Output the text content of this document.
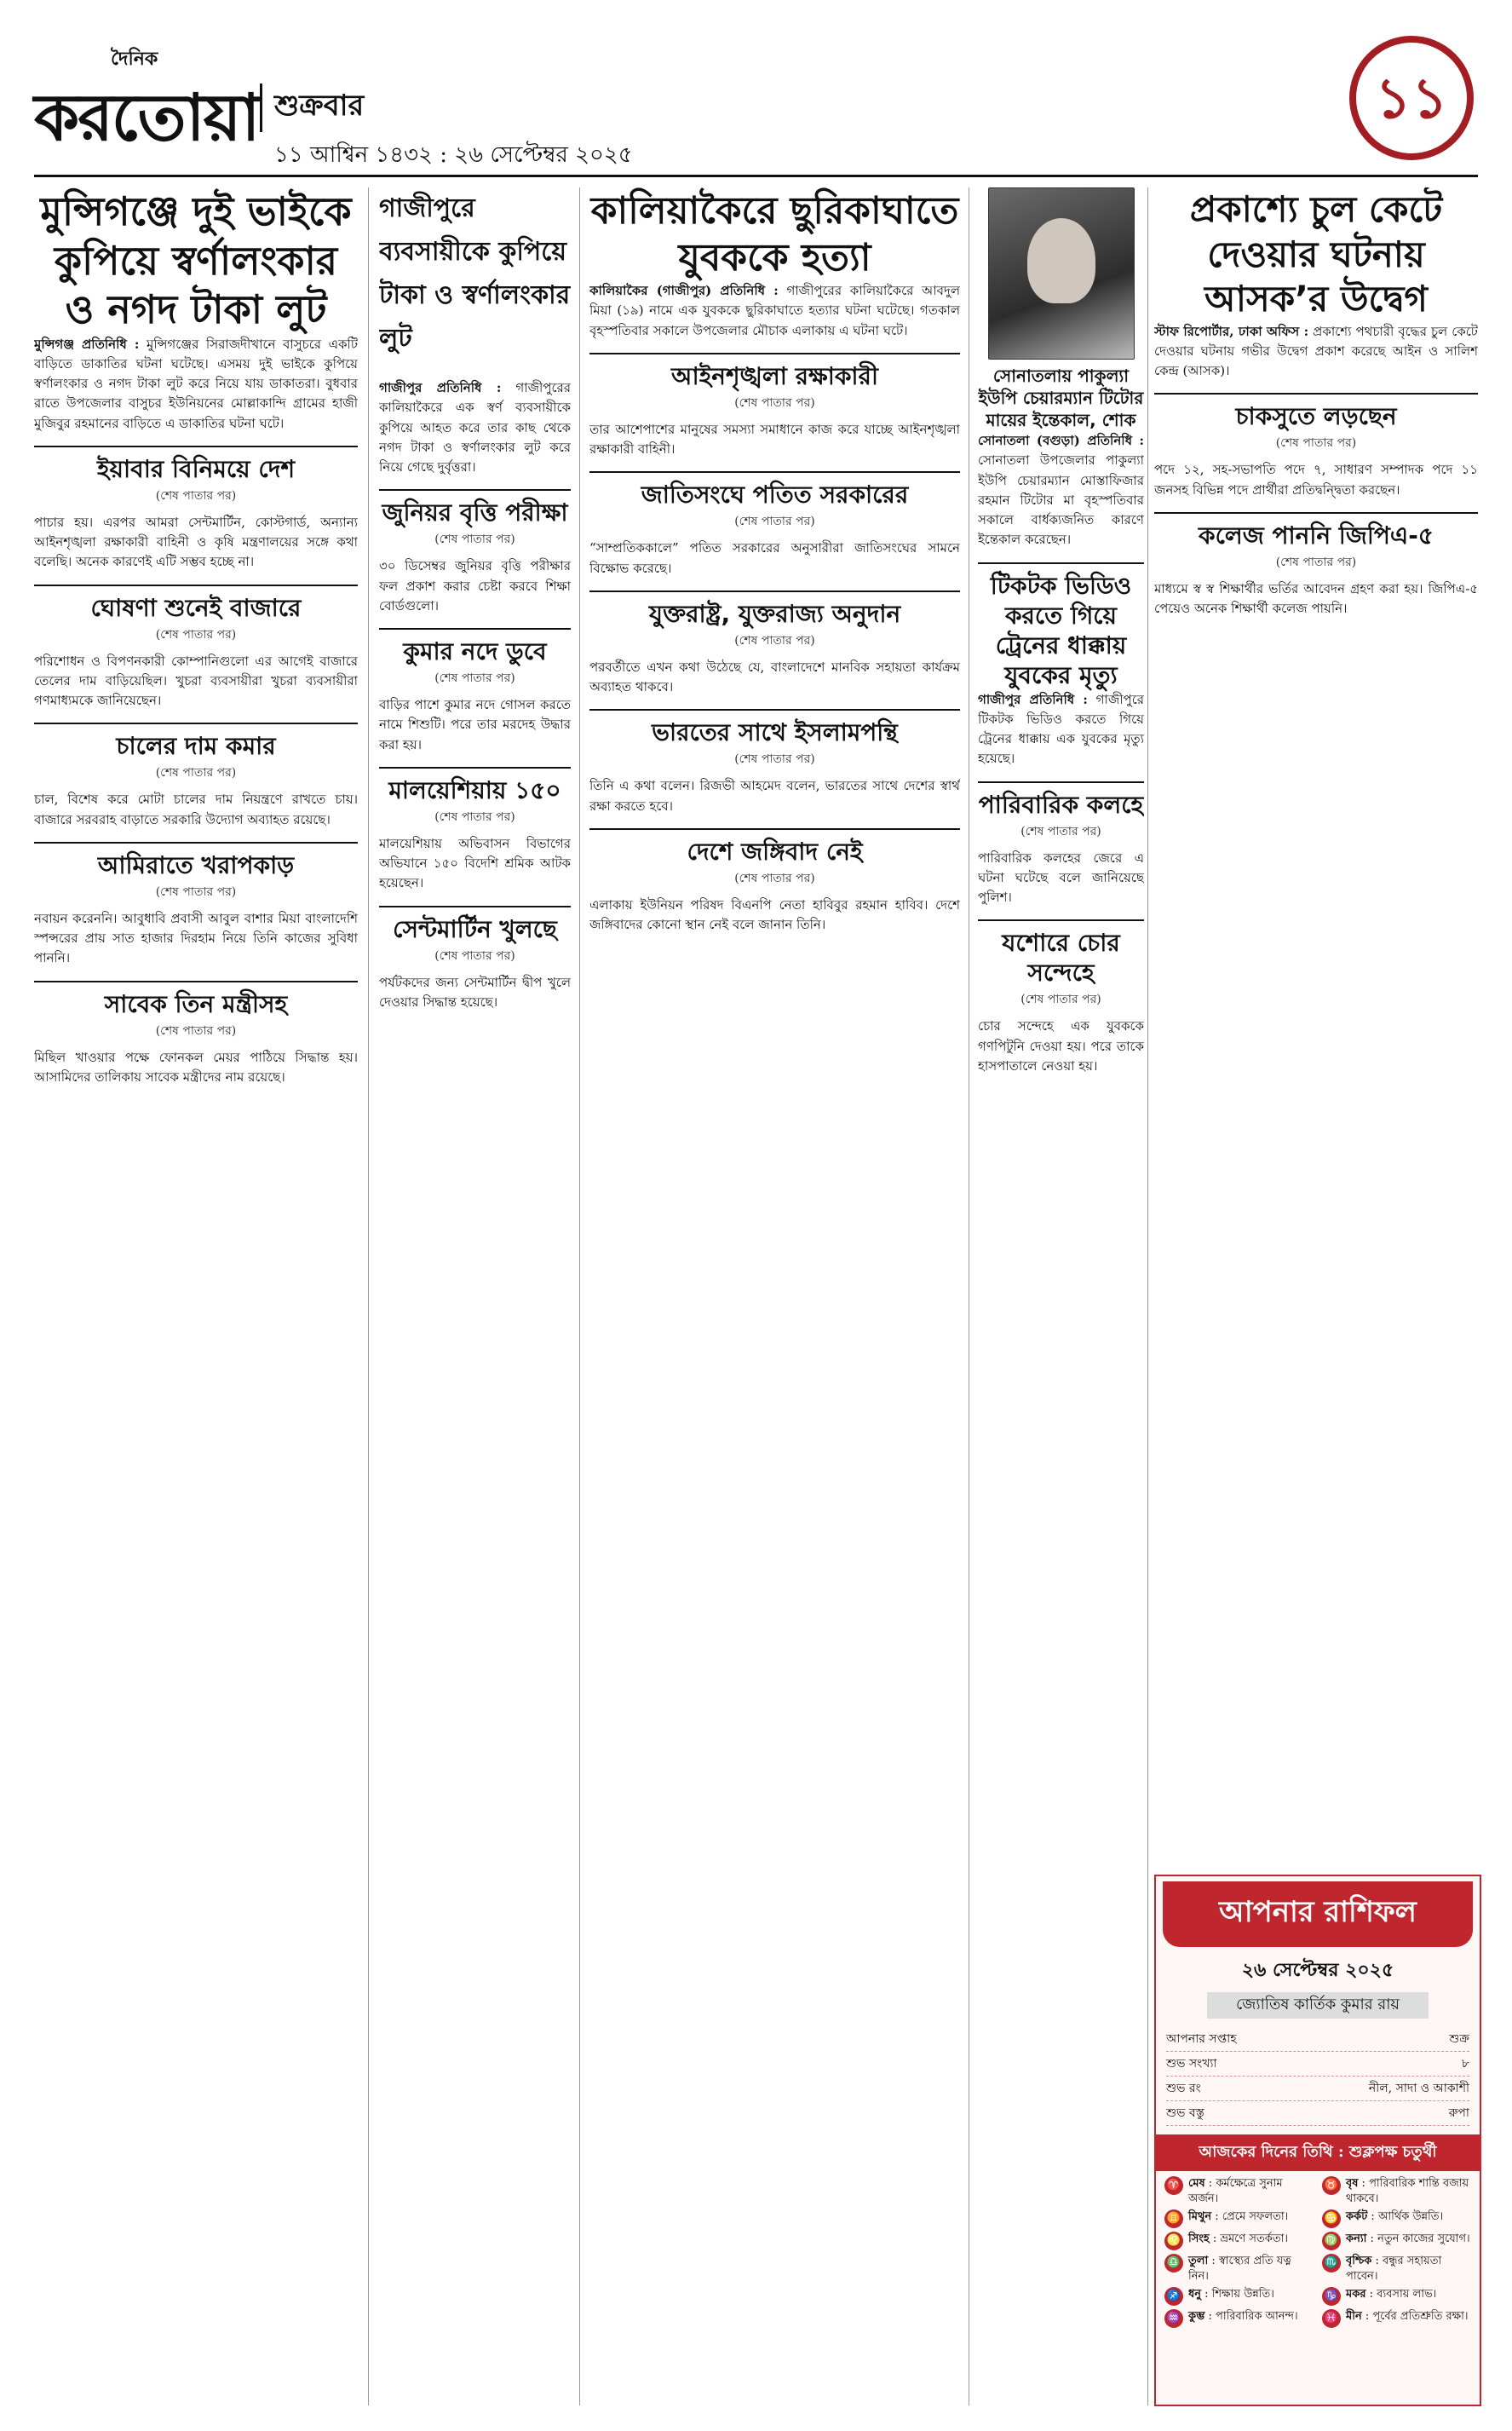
দৈনিক
করতোয়া শুক্রবার
১১ আশ্বিন ১৪৩২ : ২৬ সেপ্টেম্বর ২০২৫
১১
মুন্সিগঞ্জে দুই ভাইকে কুপিয়ে স্বর্ণালংকার ও নগদ টাকা লুট

মুন্সিগঞ্জ প্রতিনিধি : মুন্সিগঞ্জের সিরাজদীখানে বাসুচরে একটি বাড়িতে ডাকাতির ঘটনা ঘটেছে। এসময় দুই ভাইকে কুপিয়ে স্বর্ণালংকার ও নগদ টাকা লুট করে নিয়ে যায় ডাকাতরা। বুধবার রাতে উপজেলার বাসুচর ইউনিয়নের মোল্লাকান্দি গ্রামের হাজী মুজিবুর রহমানের বাড়িতে এ ডাকাতির ঘটনা ঘটে।

ইয়াবার বিনিময়ে দেশ
(শেষ পাতার পর)

পাচার হয়। এরপর আমরা সেন্টমার্টিন, কোস্টগার্ড, অন্যান্য আইনশৃঙ্খলা রক্ষাকারী বাহিনী ও কৃষি মন্ত্রণালয়ের সঙ্গে কথা বলেছি। অনেক কারণেই এটি সম্ভব হচ্ছে না।

ঘোষণা শুনেই বাজারে
(শেষ পাতার পর)

পরিশোধন ও বিপণনকারী কোম্পানিগুলো এর আগেই বাজারে তেলের দাম বাড়িয়েছিল। খুচরা ব্যবসায়ীরা খুচরা ব্যবসায়ীরা গণমাধ্যমকে জানিয়েছেন।

চালের দাম কমার
(শেষ পাতার পর)

চাল, বিশেষ করে মোটা চালের দাম নিয়ন্ত্রণে রাখতে চায়। বাজারে সরবরাহ বাড়াতে সরকারি উদ্যোগ অব্যাহত রয়েছে।

আমিরাতে খরাপকাড়
(শেষ পাতার পর)

নবায়ন করেননি। আবুধাবি প্রবাসী আবুল বাশার মিয়া বাংলাদেশি স্পন্সরের প্রায় সাত হাজার দিরহাম নিয়ে তিনি কাজের সুবিধা পাননি।

সাবেক তিন মন্ত্রীসহ
(শেষ পাতার পর)

মিছিল খাওয়ার পক্ষে ফোনকল মেয়র পাঠিয়ে সিদ্ধান্ত হয়। আসামিদের তালিকায় সাবেক মন্ত্রীদের নাম রয়েছে।

গাজীপুরে ব্যবসায়ীকে কুপিয়ে টাকা ও স্বর্ণালংকার লুট

গাজীপুর প্রতিনিধি : গাজীপুরের কালিয়াকৈরে এক স্বর্ণ ব্যবসায়ীকে কুপিয়ে আহত করে তার কাছ থেকে নগদ টাকা ও স্বর্ণালংকার লুট করে নিয়ে গেছে দুর্বৃত্তরা।

জুনিয়র বৃত্তি পরীক্ষা
(শেষ পাতার পর)

৩০ ডিসেম্বর জুনিয়র বৃত্তি পরীক্ষার ফল প্রকাশ করার চেষ্টা করবে শিক্ষা বোর্ডগুলো।

কুমার নদে ডুবে
(শেষ পাতার পর)

বাড়ির পাশে কুমার নদে গোসল করতে নামে শিশুটি। পরে তার মরদেহ উদ্ধার করা হয়।

মালয়েশিয়ায় ১৫০
(শেষ পাতার পর)

মালয়েশিয়ায় অভিবাসন বিভাগের অভিযানে ১৫০ বিদেশি শ্রমিক আটক হয়েছেন।

সেন্টমার্টিন খুলছে
(শেষ পাতার পর)

পর্যটকদের জন্য সেন্টমার্টিন দ্বীপ খুলে দেওয়ার সিদ্ধান্ত হয়েছে।

কালিয়াকৈরে ছুরিকাঘাতে যুবককে হত্যা

কালিয়াকৈর (গাজীপুর) প্রতিনিধি : গাজীপুরের কালিয়াকৈরে আবদুল মিয়া (১৯) নামে এক যুবককে ছুরিকাঘাতে হত্যার ঘটনা ঘটেছে। গতকাল বৃহস্পতিবার সকালে উপজেলার মৌচাক এলাকায় এ ঘটনা ঘটে।

আইনশৃঙ্খলা রক্ষাকারী
(শেষ পাতার পর)

তার আশেপাশের মানুষের সমস্যা সমাধানে কাজ করে যাচ্ছে আইনশৃঙ্খলা রক্ষাকারী বাহিনী।

জাতিসংঘে পতিত সরকারের
(শেষ পাতার পর)

“সাম্প্রতিককালে” পতিত সরকারের অনুসারীরা জাতিসংঘের সামনে বিক্ষোভ করেছে।

যুক্তরাষ্ট্র, যুক্তরাজ্য অনুদান
(শেষ পাতার পর)

পরবর্তীতে এখন কথা উঠেছে যে, বাংলাদেশে মানবিক সহায়তা কার্যক্রম অব্যাহত থাকবে।

ভারতের সাথে ইসলামপন্থি
(শেষ পাতার পর)

তিনি এ কথা বলেন। রিজভী আহমেদ বলেন, ভারতের সাথে দেশের স্বার্থ রক্ষা করতে হবে।

দেশে জঙ্গিবাদ নেই
(শেষ পাতার পর)

এলাকায় ইউনিয়ন পরিষদ বিএনপি নেতা হাবিবুর রহমান হাবিব। দেশে জঙ্গিবাদের কোনো স্থান নেই বলে জানান তিনি।

সোনাতলায় পাকুল্যা ইউপি চেয়ারম্যান টিটোর মায়ের ইন্তেকাল, শোক

সোনাতলা (বগুড়া) প্রতিনিধি : সোনাতলা উপজেলার পাকুল্যা ইউপি চেয়ারম্যান মোস্তাফিজার রহমান টিটোর মা বৃহস্পতিবার সকালে বার্ধক্যজনিত কারণে ইন্তেকাল করেছেন।

টিকটক ভিডিও করতে গিয়ে ট্রেনের ধাক্কায় যুবকের মৃত্যু

গাজীপুর প্রতিনিধি : গাজীপুরে টিকটক ভিডিও করতে গিয়ে ট্রেনের ধাক্কায় এক যুবকের মৃত্যু হয়েছে।

পারিবারিক কলহে
(শেষ পাতার পর)

পারিবারিক কলহের জেরে এ ঘটনা ঘটেছে বলে জানিয়েছে পুলিশ।

যশোরে চোর সন্দেহে
(শেষ পাতার পর)

চোর সন্দেহে এক যুবককে গণপিটুনি দেওয়া হয়। পরে তাকে হাসপাতালে নেওয়া হয়।

প্রকাশ্যে চুল কেটে দেওয়ার ঘটনায় আসক’র উদ্বেগ

স্টাফ রিপোর্টার, ঢাকা অফিস : প্রকাশ্যে পথচারী বৃদ্ধের চুল কেটে দেওয়ার ঘটনায় গভীর উদ্বেগ প্রকাশ করেছে আইন ও সালিশ কেন্দ্র (আসক)।

চাকসুতে লড়ছেন
(শেষ পাতার পর)

পদে ১২, সহ-সভাপতি পদে ৭, সাধারণ সম্পাদক পদে ১১ জনসহ বিভিন্ন পদে প্রার্থীরা প্রতিদ্বন্দ্বিতা করছেন।

কলেজ পাননি জিপিএ-৫
(শেষ পাতার পর)

মাধ্যমে স্ব স্ব শিক্ষার্থীর ভর্তির আবেদন গ্রহণ করা হয়। জিপিএ-৫ পেয়েও অনেক শিক্ষার্থী কলেজ পায়নি।

আপনার রাশিফল
২৬ সেপ্টেম্বর ২০২৫
জ্যোতিষ কার্তিক কুমার রায়
আপনার সপ্তাহ	শুক্র
শুভ সংখ্যা	৮
শুভ রং	নীল, সাদা ও আকাশী
শুভ বস্তু	রুপা
আজকের দিনের তিথি : শুক্লপক্ষ চতুর্থী
♈ মেষ : কর্মক্ষেত্রে সুনাম অর্জন।
♉ বৃষ : পারিবারিক শান্তি বজায় থাকবে।
♊ মিথুন : প্রেমে সফলতা।	♋ কর্কট : আর্থিক উন্নতি।
♌ সিংহ : ভ্রমণে সতর্কতা।	♍ কন্যা : নতুন কাজের সুযোগ।
♎ তুলা : স্বাস্থ্যের প্রতি যত্ন নিন।
♏ বৃশ্চিক : বন্ধুর সহায়তা পাবেন।
♐ ধনু : শিক্ষায় উন্নতি।	♑ মকর : ব্যবসায় লাভ।
♒ কুম্ভ : পারিবারিক আনন্দ। ♓ মীন : পূর্বের প্রতিশ্রুতি রক্ষা।
